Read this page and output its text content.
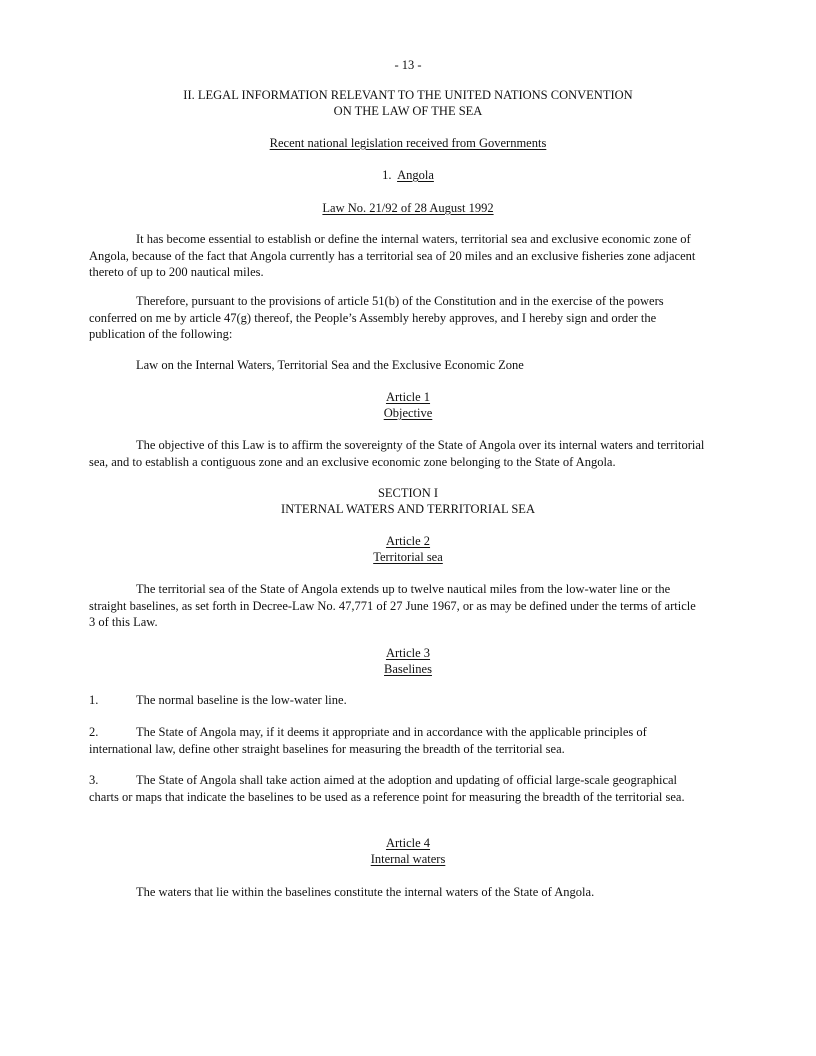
- 13 -
II. LEGAL INFORMATION RELEVANT TO THE UNITED NATIONS CONVENTION
ON THE LAW OF THE SEA
Recent national legislation received from Governments
1. Angola
Law No. 21/92 of 28 August 1992
It has become essential to establish or define the internal waters, territorial sea and exclusive economic zone of Angola, because of the fact that Angola currently has a territorial sea of 20 miles and an exclusive fisheries zone adjacent thereto of up to 200 nautical miles.
Therefore, pursuant to the provisions of article 51(b) of the Constitution and in the exercise of the powers conferred on me by article 47(g) thereof, the People’s Assembly hereby approves, and I hereby sign and order the publication of the following:
Law on the Internal Waters, Territorial Sea and the Exclusive Economic Zone
Article 1
Objective
The objective of this Law is to affirm the sovereignty of the State of Angola over its internal waters and territorial sea, and to establish a contiguous zone and an exclusive economic zone belonging to the State of Angola.
SECTION I
INTERNAL WATERS AND TERRITORIAL SEA
Article 2
Territorial sea
The territorial sea of the State of Angola extends up to twelve nautical miles from the low-water line or the straight baselines, as set forth in Decree-Law No. 47,771 of 27 June 1967, or as may be defined under the terms of article 3 of this Law.
Article 3
Baselines
1.	The normal baseline is the low-water line.
2.	The State of Angola may, if it deems it appropriate and in accordance with the applicable principles of international law, define other straight baselines for measuring the breadth of the territorial sea.
3.	The State of Angola shall take action aimed at the adoption and updating of official large-scale geographical charts or maps that indicate the baselines to be used as a reference point for measuring the breadth of the territorial sea.
Article 4
Internal waters
The waters that lie within the baselines constitute the internal waters of the State of Angola.
